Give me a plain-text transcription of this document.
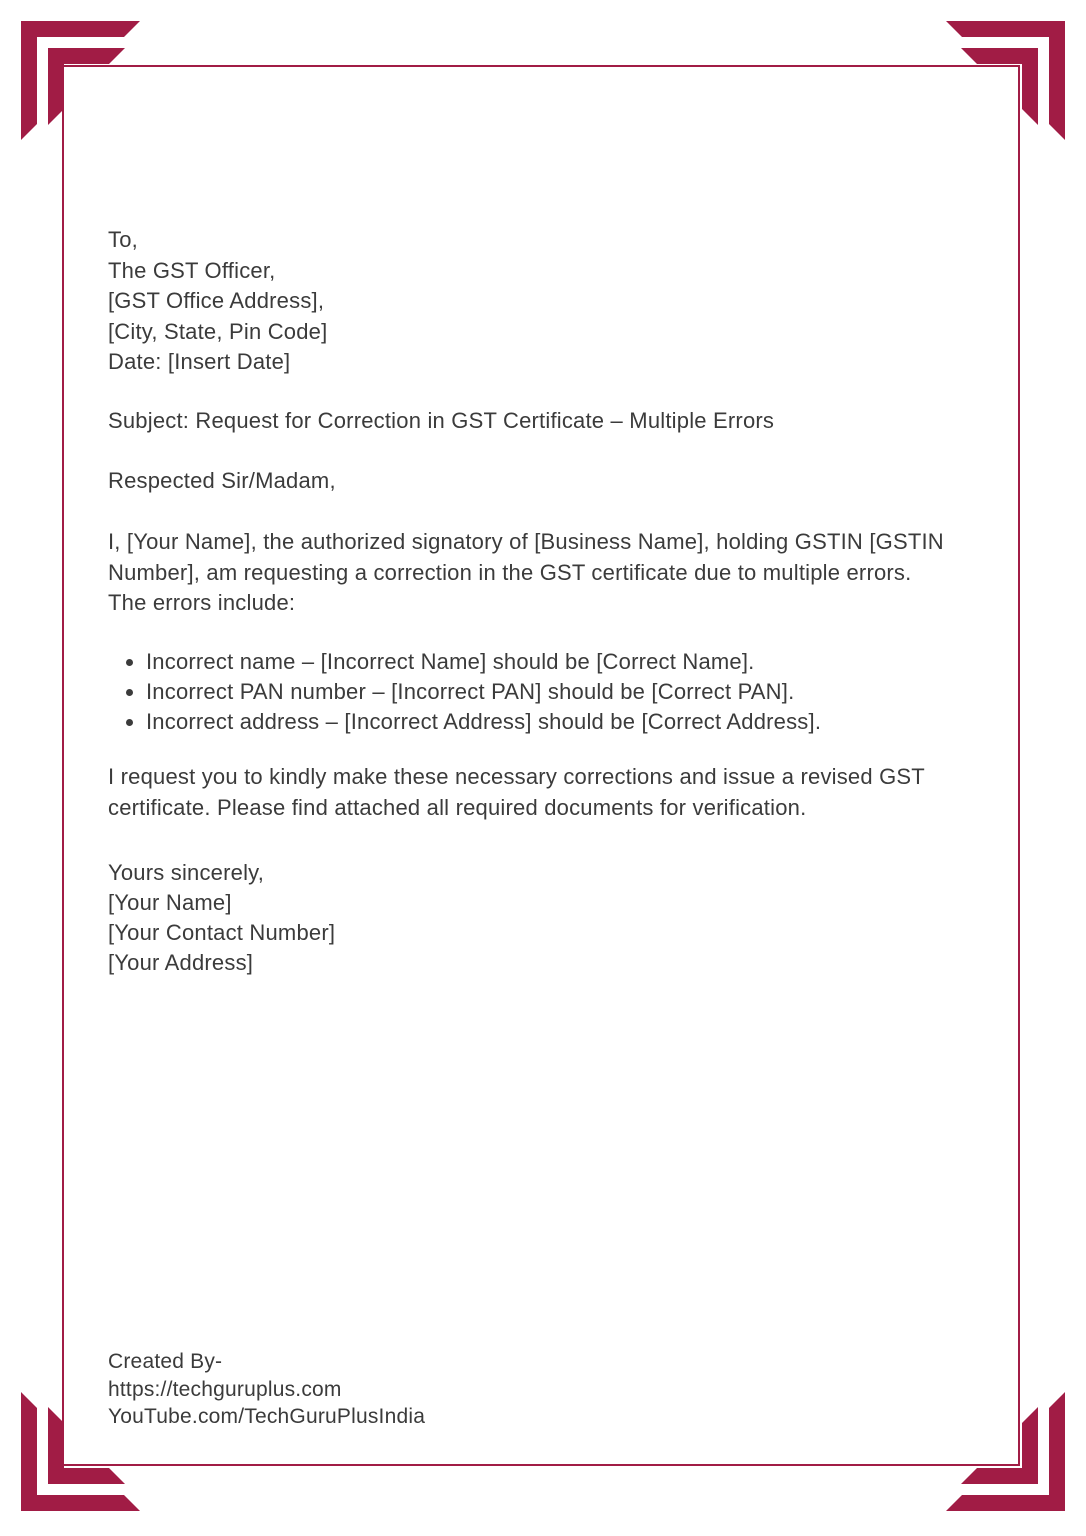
To,
The GST Officer,
[GST Office Address],
[City, State, Pin Code]
Date: [Insert Date]
Subject: Request for Correction in GST Certificate – Multiple Errors
Respected Sir/Madam,
I, [Your Name], the authorized signatory of [Business Name], holding GSTIN [GSTIN Number], am requesting a correction in the GST certificate due to multiple errors. The errors include:
• Incorrect name – [Incorrect Name] should be [Correct Name].
• Incorrect PAN number – [Incorrect PAN] should be [Correct PAN].
• Incorrect address – [Incorrect Address] should be [Correct Address].
I request you to kindly make these necessary corrections and issue a revised GST certificate. Please find attached all required documents for verification.
Yours sincerely,
[Your Name]
[Your Contact Number]
[Your Address]
Created By-
https://techguruplus.com
YouTube.com/TechGuruPlusIndia
